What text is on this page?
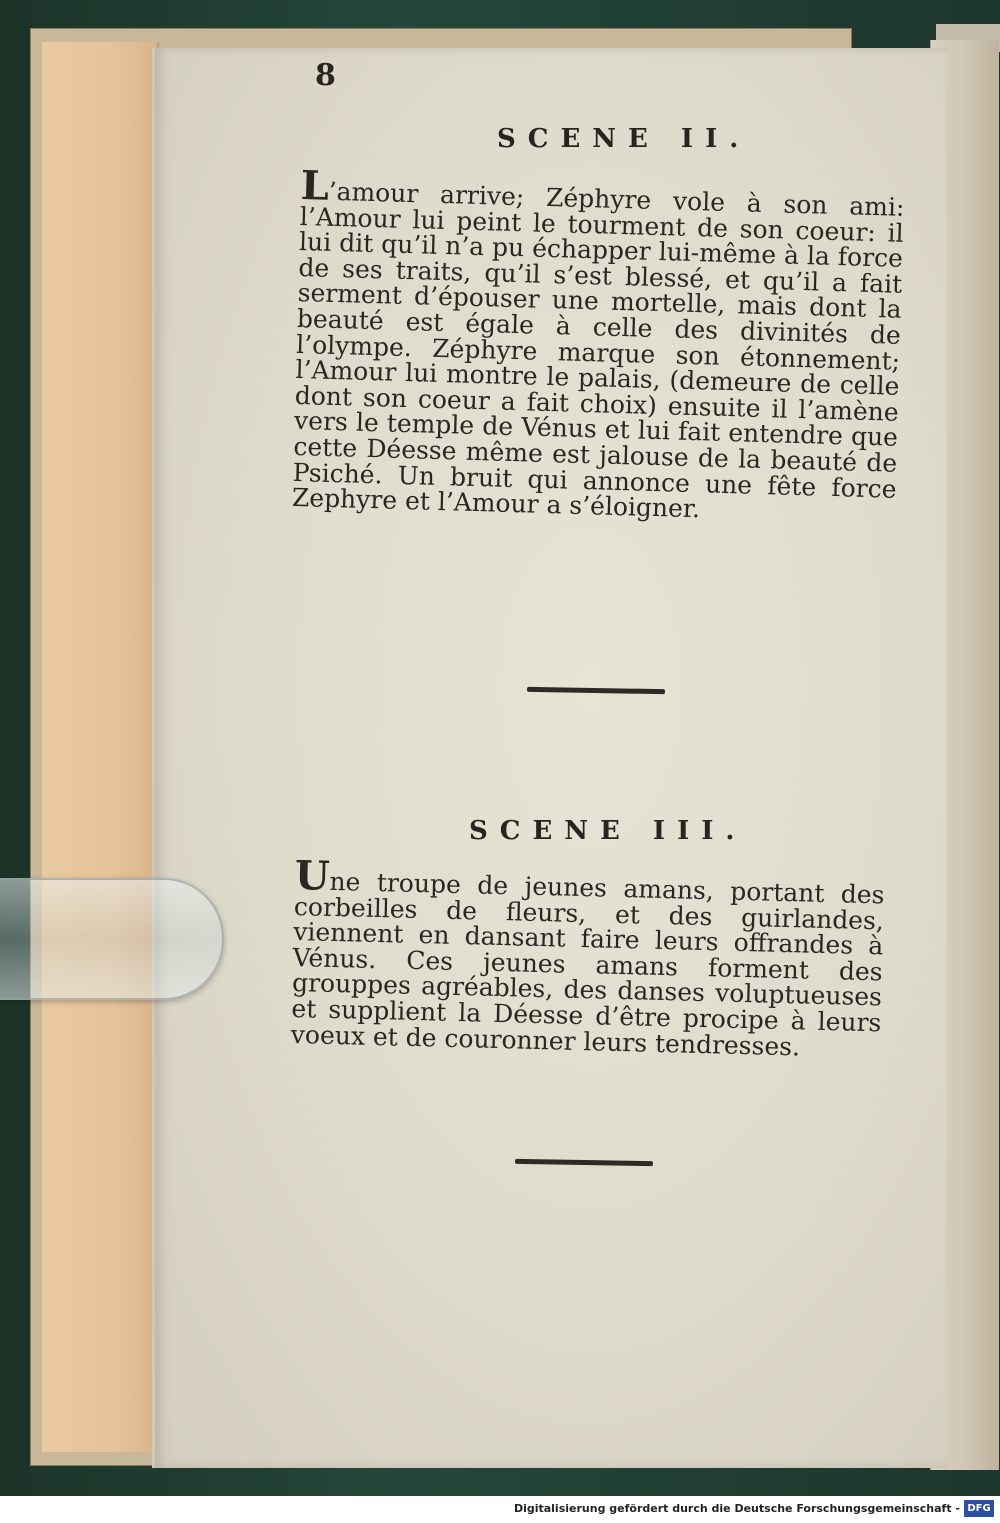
8

SCENE II.

L’amour arrive; Zéphyre vole à son ami: l’Amour lui peint le tourment de son coeur: il lui dit qu’il n’a pu échapper lui-même à la force de ses traits, qu’il s’est blessé, et qu’il a fait serment d’épouser une mortelle, mais dont la beauté est égale à celle des divinités de l’olympe. Zéphyre marque son étonnement; l’Amour lui montre le palais, (demeure de celle dont son coeur a fait choix) ensuite il l’amène vers le temple de Vénus et lui fait entendre que cette Déesse même est jalouse de la beauté de Psiché. Un bruit qui annonce une fête force Zephyre et l’Amour a s’éloigner.

SCENE III.

Une troupe de jeunes amans, portant des corbeilles de fleurs, et des guirlandes, viennent en dansant faire leurs offrandes à Vénus. Ces jeunes amans forment des grouppes agréables, des danses voluptueuses et supplient la Déesse d’être procipe à leurs voeux et de couronner leurs tendresses.

Digitalisierung gefördert durch die Deutsche Forschungsgemeinschaft - DFG
